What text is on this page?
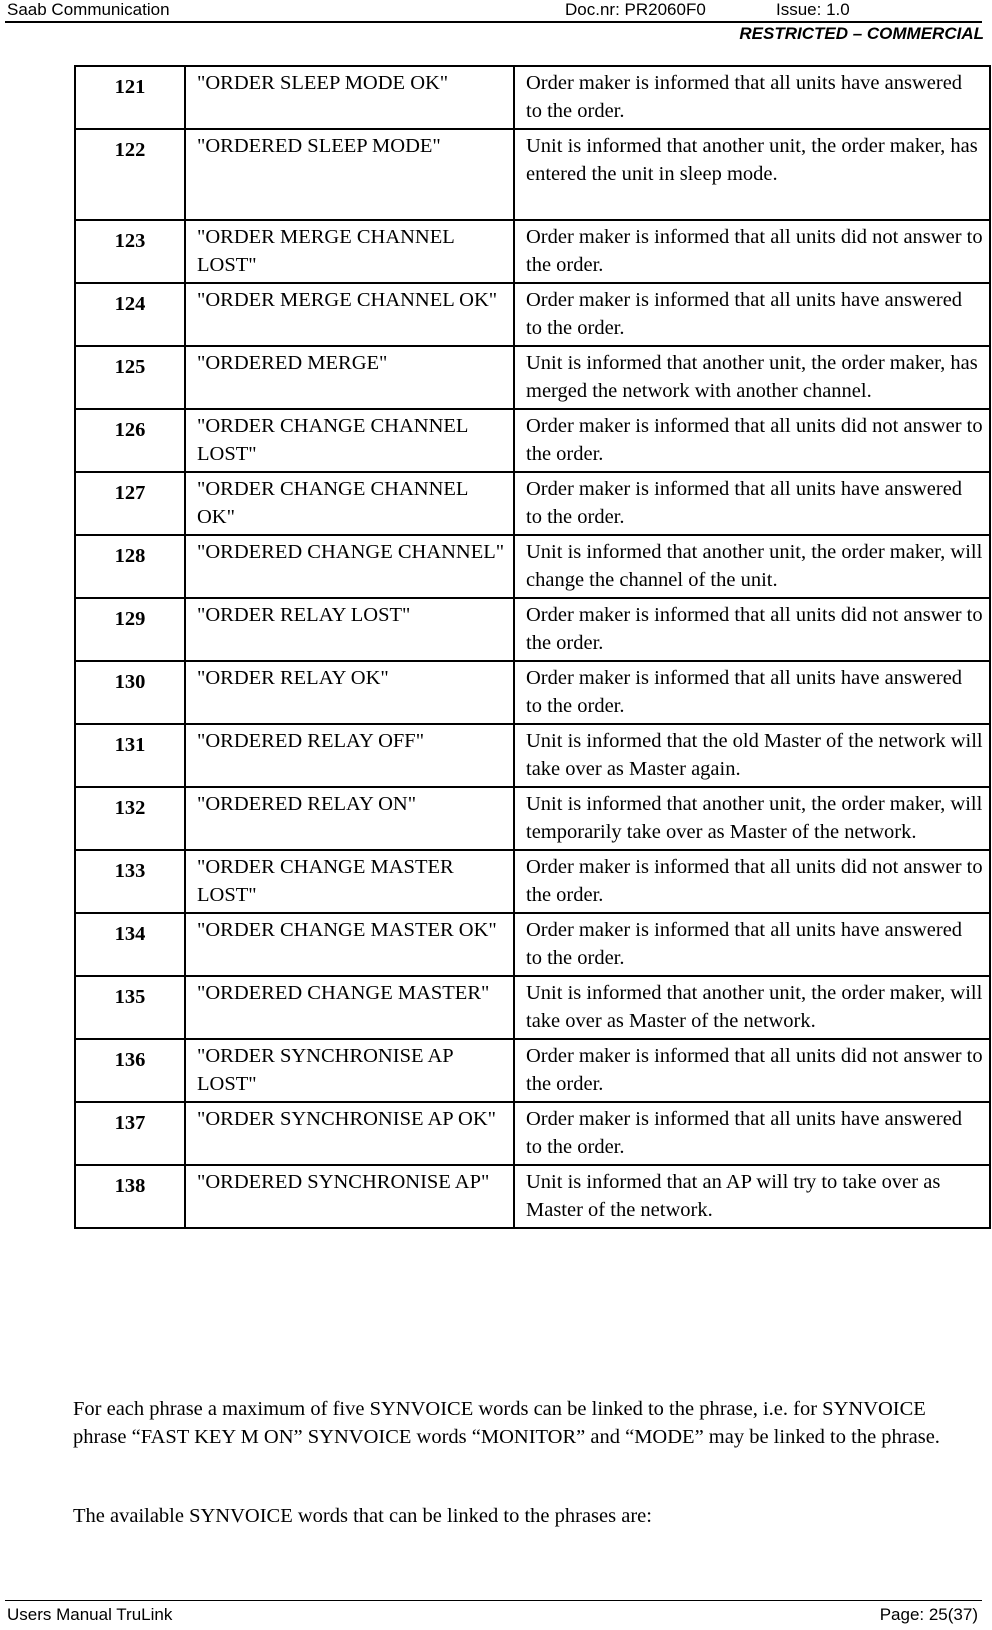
Saab Communication	Doc.nr: PR2060F0	Issue: 1.0
RESTRICTED – COMMERCIAL
121	"ORDER SLEEP MODE OK"	Order maker is informed that all units have answered to the order.
122	"ORDERED SLEEP MODE"	Unit is informed that another unit, the order maker, has entered the unit in sleep mode.
123	"ORDER MERGE CHANNEL LOST"	Order maker is informed that all units did not answer to the order.
124	"ORDER MERGE CHANNEL OK"	Order maker is informed that all units have answered to the order.
125	"ORDERED MERGE"	Unit is informed that another unit, the order maker, has merged the network with another channel.
126	"ORDER CHANGE CHANNEL LOST"	Order maker is informed that all units did not answer to the order.
127	"ORDER CHANGE CHANNEL OK"	Order maker is informed that all units have answered to the order.
128	"ORDERED CHANGE CHANNEL"	Unit is informed that another unit, the order maker, will change the channel of the unit.
129	"ORDER RELAY LOST"	Order maker is informed that all units did not answer to the order.
130	"ORDER RELAY OK"	Order maker is informed that all units have answered to the order.
131	"ORDERED RELAY OFF"	Unit is informed that the old Master of the network will take over as Master again.
132	"ORDERED RELAY ON"	Unit is informed that another unit, the order maker, will temporarily take over as Master of the network.
133	"ORDER CHANGE MASTER LOST"	Order maker is informed that all units did not answer to the order.
134	"ORDER CHANGE MASTER OK"	Order maker is informed that all units have answered to the order.
135	"ORDERED CHANGE MASTER"	Unit is informed that another unit, the order maker, will take over as Master of the network.
136	"ORDER SYNCHRONISE AP LOST"	Order maker is informed that all units did not answer to the order.
137	"ORDER SYNCHRONISE AP OK"	Order maker is informed that all units have answered to the order.
138	"ORDERED SYNCHRONISE AP"	Unit is informed that an AP will try to take over as Master of the network.
For each phrase a maximum of five SYNVOICE words can be linked to the phrase, i.e. for SYNVOICE phrase “FAST KEY M ON” SYNVOICE words “MONITOR” and “MODE” may be linked to the phrase.
The available SYNVOICE words that can be linked to the phrases are:
Users Manual TruLink	Page: 25(37)
